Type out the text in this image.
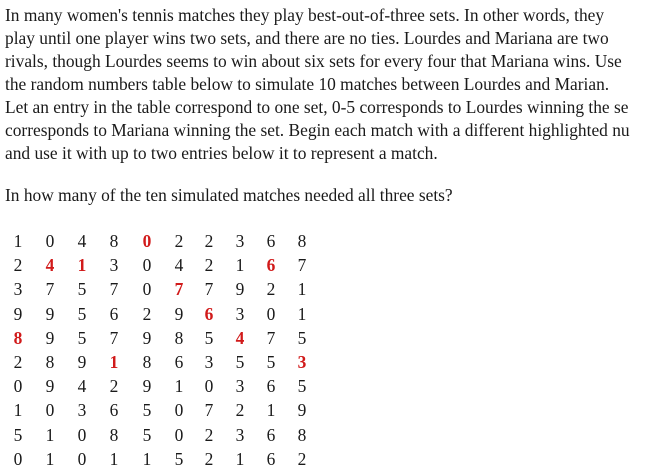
In many women's tennis matches they play best-out-of-three sets. In other words, they
play until one player wins two sets, and there are no ties. Lourdes and Mariana are two
rivals, though Lourdes seems to win about six sets for every four that Mariana wins. Use
the random numbers table below to simulate 10 matches between Lourdes and Marian.
Let an entry in the table correspond to one set, 0-5 corresponds to Lourdes winning the se
corresponds to Mariana winning the set. Begin each match with a different highlighted nu
and use it with up to two entries below it to represent a match.

In how many of the ten simulated matches needed all three sets?

1	0	4	8	0	2	2	3	6	8
2	4	1	3	0	4	2	1	6	7
3	7	5	7	0	7	7	9	2	1
9	9	5	6	2	9	6	3	0	1
8	9	5	7	9	8	5	4	7	5
2	8	9	1	8	6	3	5	5	3
0	9	4	2	9	1	0	3	6	5
1	0	3	6	5	0	7	2	1	9
5	1	0	8	5	0	2	3	6	8
0	1	0	1	1	5	2	1	6	2
